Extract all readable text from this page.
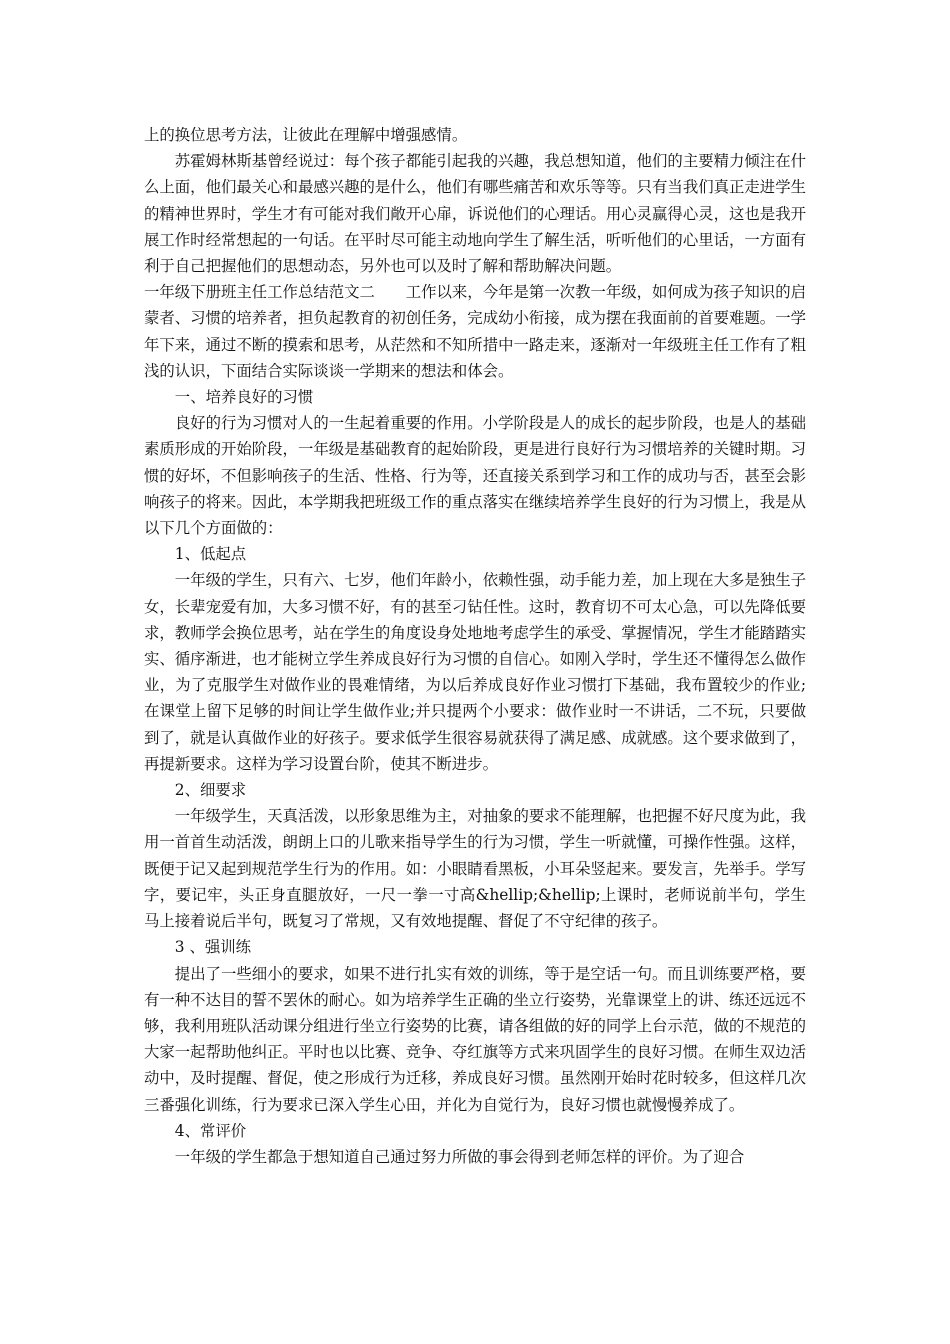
上的换位思考方法，让彼此在理解中增强感情。

苏霍姆林斯基曾经说过：每个孩子都能引起我的兴趣，我总想知道，他们的主要精力倾注在什么上面，他们最关心和最感兴趣的是什么，他们有哪些痛苦和欢乐等等。只有当我们真正走进学生的精神世界时，学生才有可能对我们敞开心扉，诉说他们的心理话。用心灵赢得心灵，这也是我开展工作时经常想起的一句话。在平时尽可能主动地向学生了解生活，听听他们的心里话，一方面有利于自己把握他们的思想动态，另外也可以及时了解和帮助解决问题。

一年级下册班主任工作总结范文二　　工作以来，今年是第一次教一年级，如何成为孩子知识的启蒙者、习惯的培养者，担负起教育的初创任务，完成幼小衔接，成为摆在我面前的首要难题。一学年下来，通过不断的摸索和思考，从茫然和不知所措中一路走来，逐渐对一年级班主任工作有了粗浅的认识，下面结合实际谈谈一学期来的想法和体会。

一、培养良好的习惯

良好的行为习惯对人的一生起着重要的作用。小学阶段是人的成长的起步阶段，也是人的基础素质形成的开始阶段，一年级是基础教育的起始阶段，更是进行良好行为习惯培养的关键时期。习惯的好坏，不但影响孩子的生活、性格、行为等，还直接关系到学习和工作的成功与否，甚至会影响孩子的将来。因此，本学期我把班级工作的重点落实在继续培养学生良好的行为习惯上，我是从以下几个方面做的：

1、低起点

一年级的学生，只有六、七岁，他们年龄小，依赖性强，动手能力差，加上现在大多是独生子女，长辈宠爱有加，大多习惯不好，有的甚至刁钻任性。这时，教育切不可太心急，可以先降低要求，教师学会换位思考，站在学生的角度设身处地地考虑学生的承受、掌握情况，学生才能踏踏实实、循序渐进，也才能树立学生养成良好行为习惯的自信心。如刚入学时，学生还不懂得怎么做作业，为了克服学生对做作业的畏难情绪，为以后养成良好作业习惯打下基础，我布置较少的作业;在课堂上留下足够的时间让学生做作业;并只提两个小要求：做作业时一不讲话，二不玩，只要做到了，就是认真做作业的好孩子。要求低学生很容易就获得了满足感、成就感。这个要求做到了，再提新要求。这样为学习设置台阶，使其不断进步。

2、细要求

一年级学生，天真活泼，以形象思维为主，对抽象的要求不能理解，也把握不好尺度为此，我用一首首生动活泼，朗朗上口的儿歌来指导学生的行为习惯，学生一听就懂，可操作性强。这样，既便于记又起到规范学生行为的作用。如：小眼睛看黑板，小耳朵竖起来。要发言，先举手。学写字，要记牢，头正身直腿放好，一尺一拳一寸高&hellip;&hellip;上课时，老师说前半句，学生马上接着说后半句，既复习了常规，又有效地提醒、督促了不守纪律的孩子。

3 、强训练

提出了一些细小的要求，如果不进行扎实有效的训练，等于是空话一句。而且训练要严格，要有一种不达目的誓不罢休的耐心。如为培养学生正确的坐立行姿势，光靠课堂上的讲、练还远远不够，我利用班队活动课分组进行坐立行姿势的比赛，请各组做的好的同学上台示范，做的不规范的大家一起帮助他纠正。平时也以比赛、竞争、夺红旗等方式来巩固学生的良好习惯。在师生双边活动中，及时提醒、督促，使之形成行为迁移，养成良好习惯。虽然刚开始时花时较多，但这样几次三番强化训练，行为要求已深入学生心田，并化为自觉行为，良好习惯也就慢慢养成了。

4、常评价

一年级的学生都急于想知道自己通过努力所做的事会得到老师怎样的评价。为了迎合
